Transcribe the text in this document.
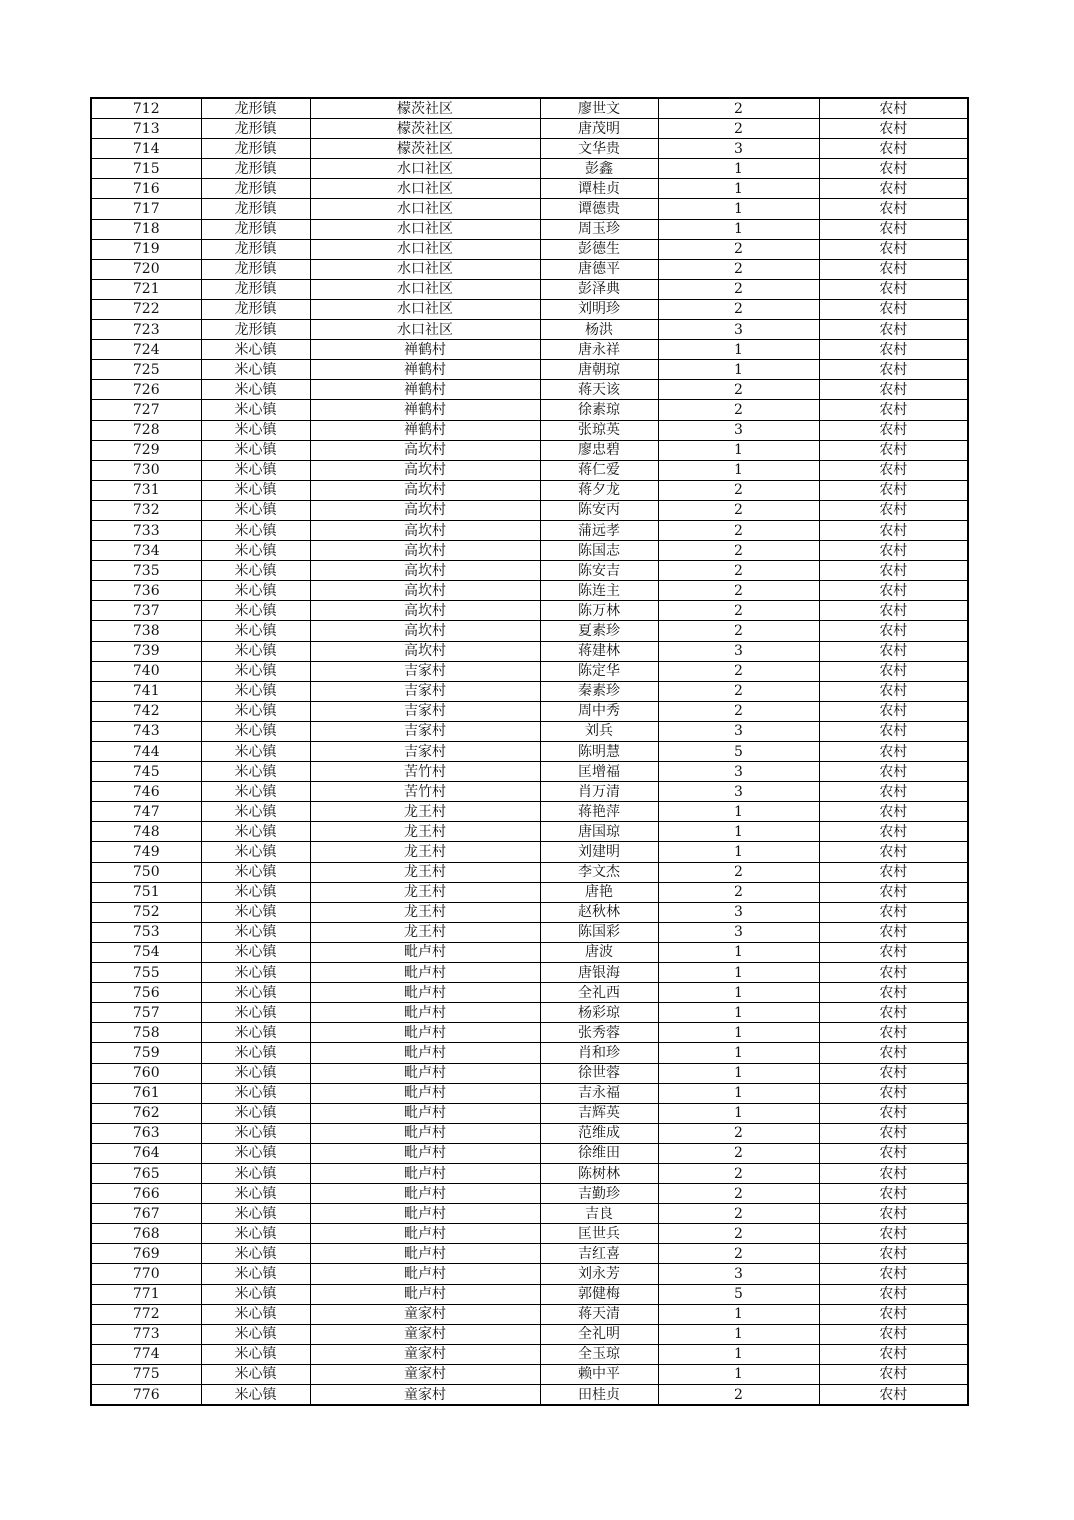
712	龙形镇	檬茨社区	廖世文	2	农村
713	龙形镇	檬茨社区	唐茂明	2	农村
714	龙形镇	檬茨社区	文华贵	3	农村
715	龙形镇	水口社区	彭鑫	1	农村
716	龙形镇	水口社区	谭桂贞	1	农村
717	龙形镇	水口社区	谭德贵	1	农村
718	龙形镇	水口社区	周玉珍	1	农村
719	龙形镇	水口社区	彭德生	2	农村
720	龙形镇	水口社区	唐德平	2	农村
721	龙形镇	水口社区	彭泽典	2	农村
722	龙形镇	水口社区	刘明珍	2	农村
723	龙形镇	水口社区	杨洪	3	农村
724	米心镇	禅鹤村	唐永祥	1	农村
725	米心镇	禅鹤村	唐朝琼	1	农村
726	米心镇	禅鹤村	蒋天该	2	农村
727	米心镇	禅鹤村	徐素琼	2	农村
728	米心镇	禅鹤村	张琼英	3	农村
729	米心镇	高坎村	廖忠碧	1	农村
730	米心镇	高坎村	蒋仁爱	1	农村
731	米心镇	高坎村	蒋夕龙	2	农村
732	米心镇	高坎村	陈安丙	2	农村
733	米心镇	高坎村	蒲远孝	2	农村
734	米心镇	高坎村	陈国志	2	农村
735	米心镇	高坎村	陈安吉	2	农村
736	米心镇	高坎村	陈连主	2	农村
737	米心镇	高坎村	陈万林	2	农村
738	米心镇	高坎村	夏素珍	2	农村
739	米心镇	高坎村	蒋建林	3	农村
740	米心镇	吉家村	陈定华	2	农村
741	米心镇	吉家村	秦素珍	2	农村
742	米心镇	吉家村	周中秀	2	农村
743	米心镇	吉家村	刘兵	3	农村
744	米心镇	吉家村	陈明慧	5	农村
745	米心镇	苦竹村	匡增福	3	农村
746	米心镇	苦竹村	肖万清	3	农村
747	米心镇	龙王村	蒋艳萍	1	农村
748	米心镇	龙王村	唐国琼	1	农村
749	米心镇	龙王村	刘建明	1	农村
750	米心镇	龙王村	李文杰	2	农村
751	米心镇	龙王村	唐艳	2	农村
752	米心镇	龙王村	赵秋林	3	农村
753	米心镇	龙王村	陈国彩	3	农村
754	米心镇	毗卢村	唐波	1	农村
755	米心镇	毗卢村	唐银海	1	农村
756	米心镇	毗卢村	全礼西	1	农村
757	米心镇	毗卢村	杨彩琼	1	农村
758	米心镇	毗卢村	张秀蓉	1	农村
759	米心镇	毗卢村	肖和珍	1	农村
760	米心镇	毗卢村	徐世蓉	1	农村
761	米心镇	毗卢村	吉永福	1	农村
762	米心镇	毗卢村	吉辉英	1	农村
763	米心镇	毗卢村	范维成	2	农村
764	米心镇	毗卢村	徐维田	2	农村
765	米心镇	毗卢村	陈树林	2	农村
766	米心镇	毗卢村	吉勤珍	2	农村
767	米心镇	毗卢村	吉良	2	农村
768	米心镇	毗卢村	匡世兵	2	农村
769	米心镇	毗卢村	吉红喜	2	农村
770	米心镇	毗卢村	刘永芳	3	农村
771	米心镇	毗卢村	郭健梅	5	农村
772	米心镇	童家村	蒋天清	1	农村
773	米心镇	童家村	全礼明	1	农村
774	米心镇	童家村	全玉琼	1	农村
775	米心镇	童家村	赖中平	1	农村
776	米心镇	童家村	田桂贞	2	农村
